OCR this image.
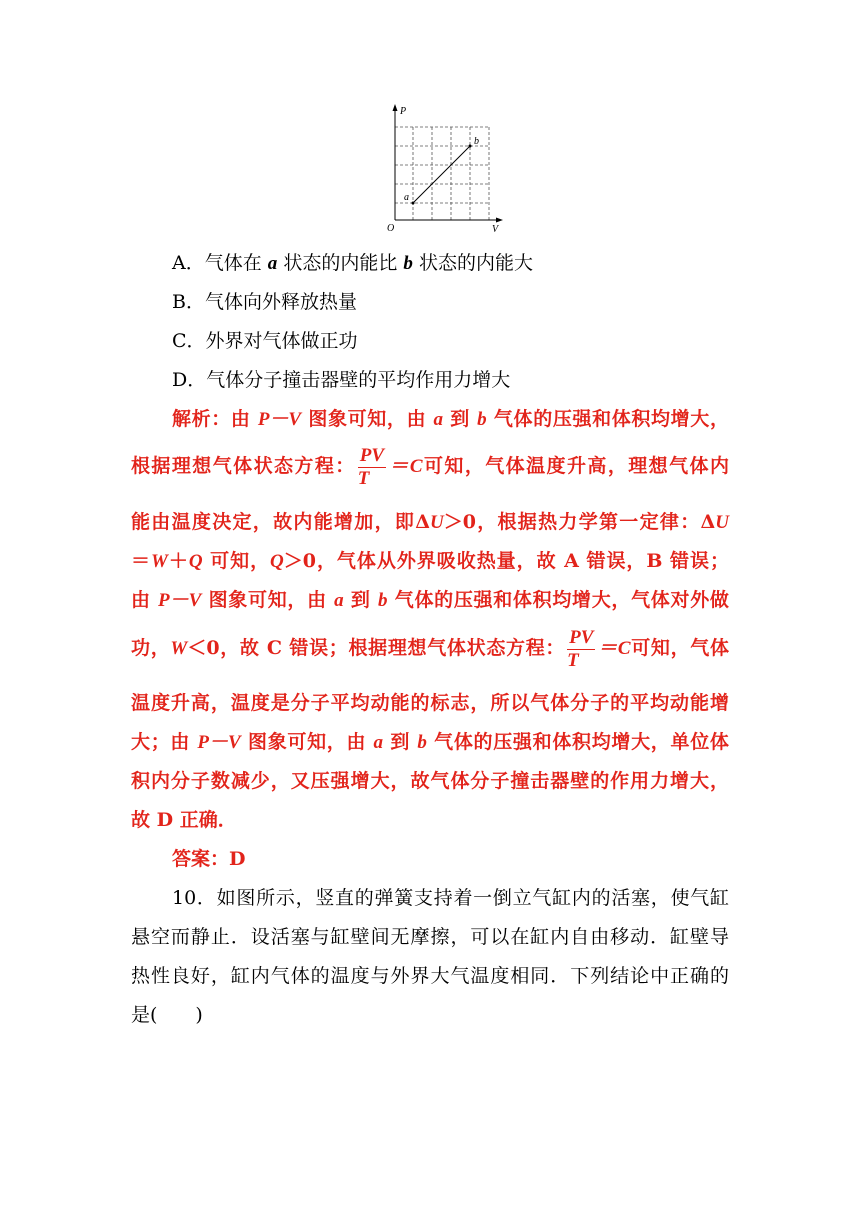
P
V
O
a
b
A．气体在 a 状态的内能比 b 状态的内能大
B．气体向外释放热量
C．外界对气体做正功
D．气体分子撞击器壁的平均作用力增大
解析：由 P－V 图象可知，由 a 到 b 气体的压强和体积均增大，
根据理想气体状态方程： $\frac{PV}{T} =C$可知，气体温度升高，理想气体内
能由温度决定，故内能增加，即ΔU＞0，根据热力学第一定律：ΔU
＝W＋Q 可知，Q＞0，气体从外界吸收热量，故 A 错误，B 错误；
由 P－V 图象可知，由 a 到 b 气体的压强和体积均增大，气体对外做
功，W＜0，故 C 错误；根据理想气体状态方程： $\frac{PV}{T} =C$可知，气体
温度升高，温度是分子平均动能的标志，所以气体分子的平均动能增
大；由 P－V 图象可知，由 a 到 b 气体的压强和体积均增大，单位体
积内分子数减少，又压强增大，故气体分子撞击器壁的作用力增大，
故 D 正确．
答案：D
10．如图所示，竖直的弹簧支持着一倒立气缸内的活塞，使气缸
悬空而静止．设活塞与缸壁间无摩擦，可以在缸内自由移动．缸壁导
热性良好，缸内气体的温度与外界大气温度相同．下列结论中正确的
是(　　)
